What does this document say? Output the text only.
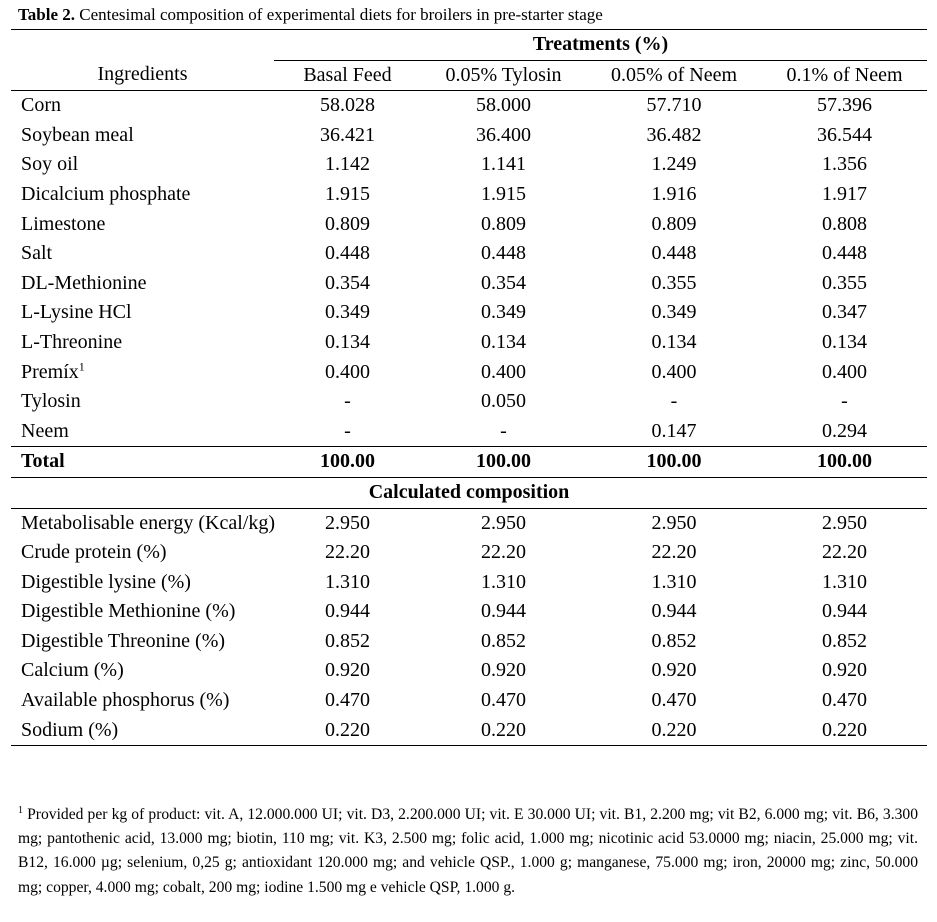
Table 2. Centesimal composition of experimental diets for broilers in pre-starter stage
	Treatments (%)			
Ingredients	Basal Feed	0.05% Tylosin	0.05% of Neem	0.1% of Neem
Corn	58.028	58.000	57.710	57.396
Soybean meal	36.421	36.400	36.482	36.544
Soy oil	1.142	1.141	1.249	1.356
Dicalcium phosphate	1.915	1.915	1.916	1.917
Limestone	0.809	0.809	0.809	0.808
Salt	0.448	0.448	0.448	0.448
DL-Methionine	0.354	0.354	0.355	0.355
L-Lysine HCl	0.349	0.349	0.349	0.347
L-Threonine	0.134	0.134	0.134	0.134
Premíx$^1$	0.400	0.400	0.400	0.400
Tylosin	-	0.050	-	-
Neem	-	-	0.147	0.294
Total	100.00	100.00	100.00	100.00
Calculated composition				
Metabolisable energy (Kcal/kg)	2.950	2.950	2.950	2.950
Crude protein (%)	22.20	22.20	22.20	22.20
Digestible lysine (%)	1.310	1.310	1.310	1.310
Digestible Methionine (%)	0.944	0.944	0.944	0.944
Digestible Threonine (%)	0.852	0.852	0.852	0.852
Calcium (%)	0.920	0.920	0.920	0.920
Available phosphorus (%)	0.470	0.470	0.470	0.470
Sodium (%)	0.220	0.220	0.220	0.220
$^1$ Provided per kg of product: vit. A, 12.000.000 UI; vit. D3, 2.200.000 UI; vit. E 30.000 UI; vit. B1, 2.200 mg; vit B2, 6.000 mg; vit. B6, 3.300 mg; pantothenic acid, 13.000 mg; biotin, 110 mg; vit. K3, 2.500 mg; folic acid, 1.000 mg; nicotinic acid 53.0000 mg; niacin, 25.000 mg; vit. B12, 16.000 µg; selenium, 0,25 g; antioxidant 120.000 mg; and vehicle QSP., 1.000 g; manganese, 75.000 mg; iron, 20000 mg; zinc, 50.000 mg; copper, 4.000 mg; cobalt, 200 mg; iodine 1.500 mg e vehicle QSP, 1.000 g.
